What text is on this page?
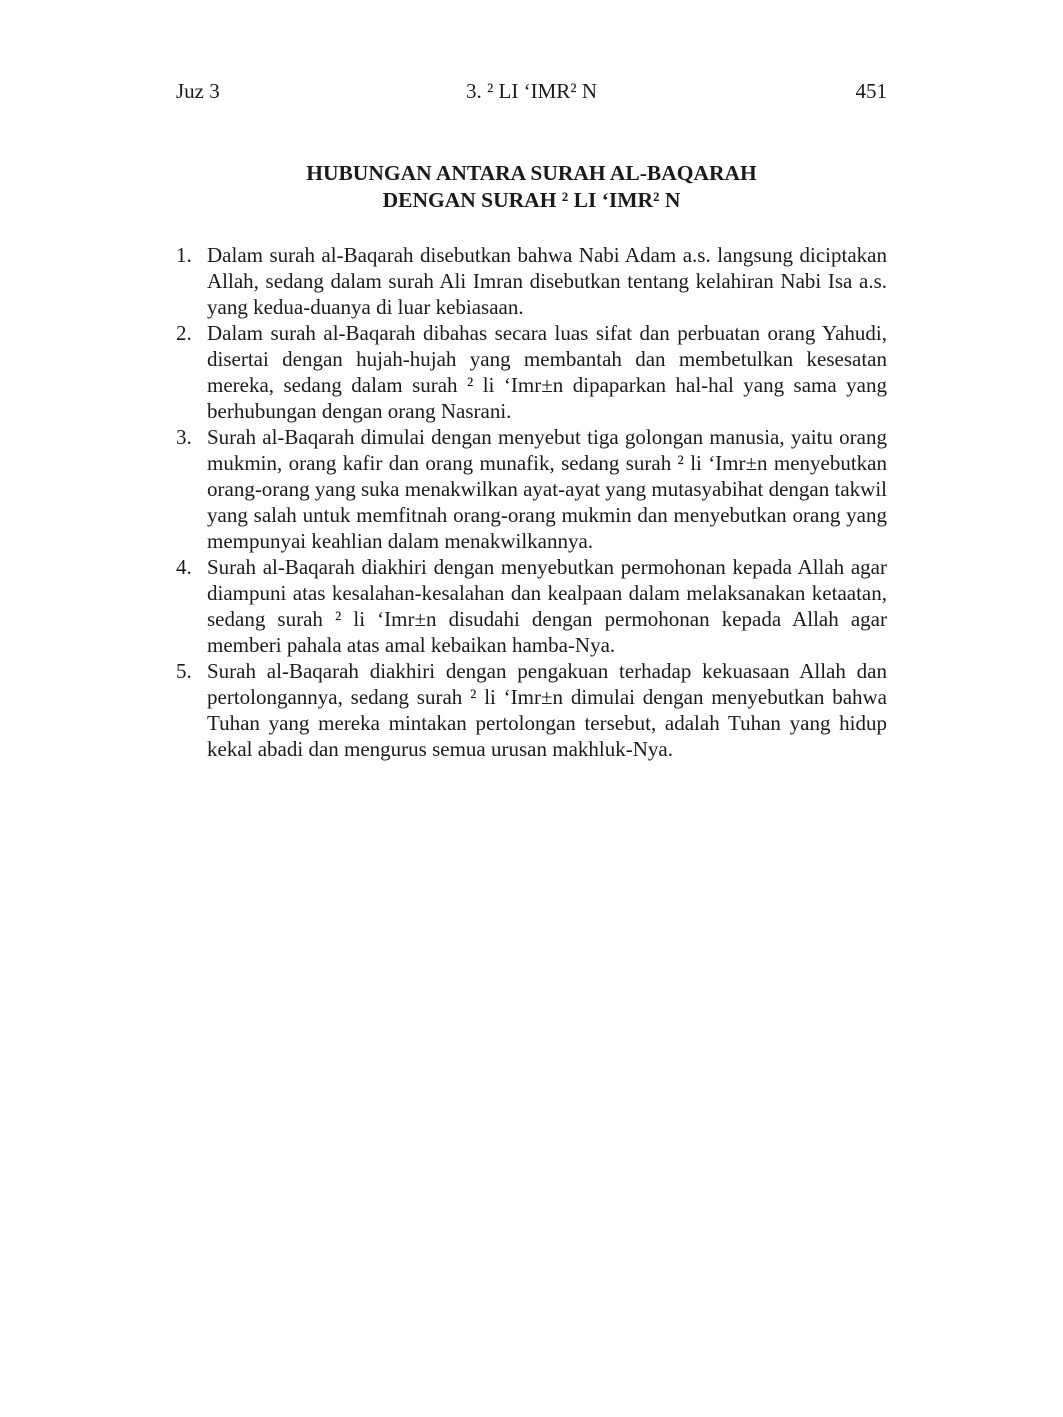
3. ² LI ‘IMR² N
Juz 3	451
HUBUNGAN ANTARA SURAH AL-BAQARAH
DENGAN SURAH ² LI ‘IMR² N
1. Dalam surah al-Baqarah disebutkan bahwa Nabi Adam a.s. langsung diciptakan Allah, sedang dalam surah Ali Imran disebutkan tentang kelahiran Nabi Isa a.s. yang kedua-duanya di luar kebiasaan.
2. Dalam surah al-Baqarah dibahas secara luas sifat dan perbuatan orang Yahudi, disertai dengan hujah-hujah yang membantah dan membetulkan kesesatan mereka, sedang dalam surah ² li ‘Imr±n dipaparkan hal-hal yang sama yang berhubungan dengan orang Nasrani.
3. Surah al-Baqarah dimulai dengan menyebut tiga golongan manusia, yaitu orang mukmin, orang kafir dan orang munafik, sedang surah ² li ‘Imr±n menyebutkan orang-orang yang suka menakwilkan ayat-ayat yang mutasyabihat dengan takwil yang salah untuk memfitnah orang-orang mukmin dan menyebutkan orang yang mempunyai keahlian dalam menakwilkannya.
4. Surah al-Baqarah diakhiri dengan menyebutkan permohonan kepada Allah agar diampuni atas kesalahan-kesalahan dan kealpaan dalam melaksanakan ketaatan, sedang surah ² li ‘Imr±n disudahi dengan permohonan kepada Allah agar memberi pahala atas amal kebaikan hamba-Nya.
5. Surah al-Baqarah diakhiri dengan pengakuan terhadap kekuasaan Allah dan pertolongannya, sedang surah ² li ‘Imr±n dimulai dengan menyebutkan bahwa Tuhan yang mereka mintakan pertolongan tersebut, adalah Tuhan yang hidup kekal abadi dan mengurus semua urusan makhluk-Nya.
